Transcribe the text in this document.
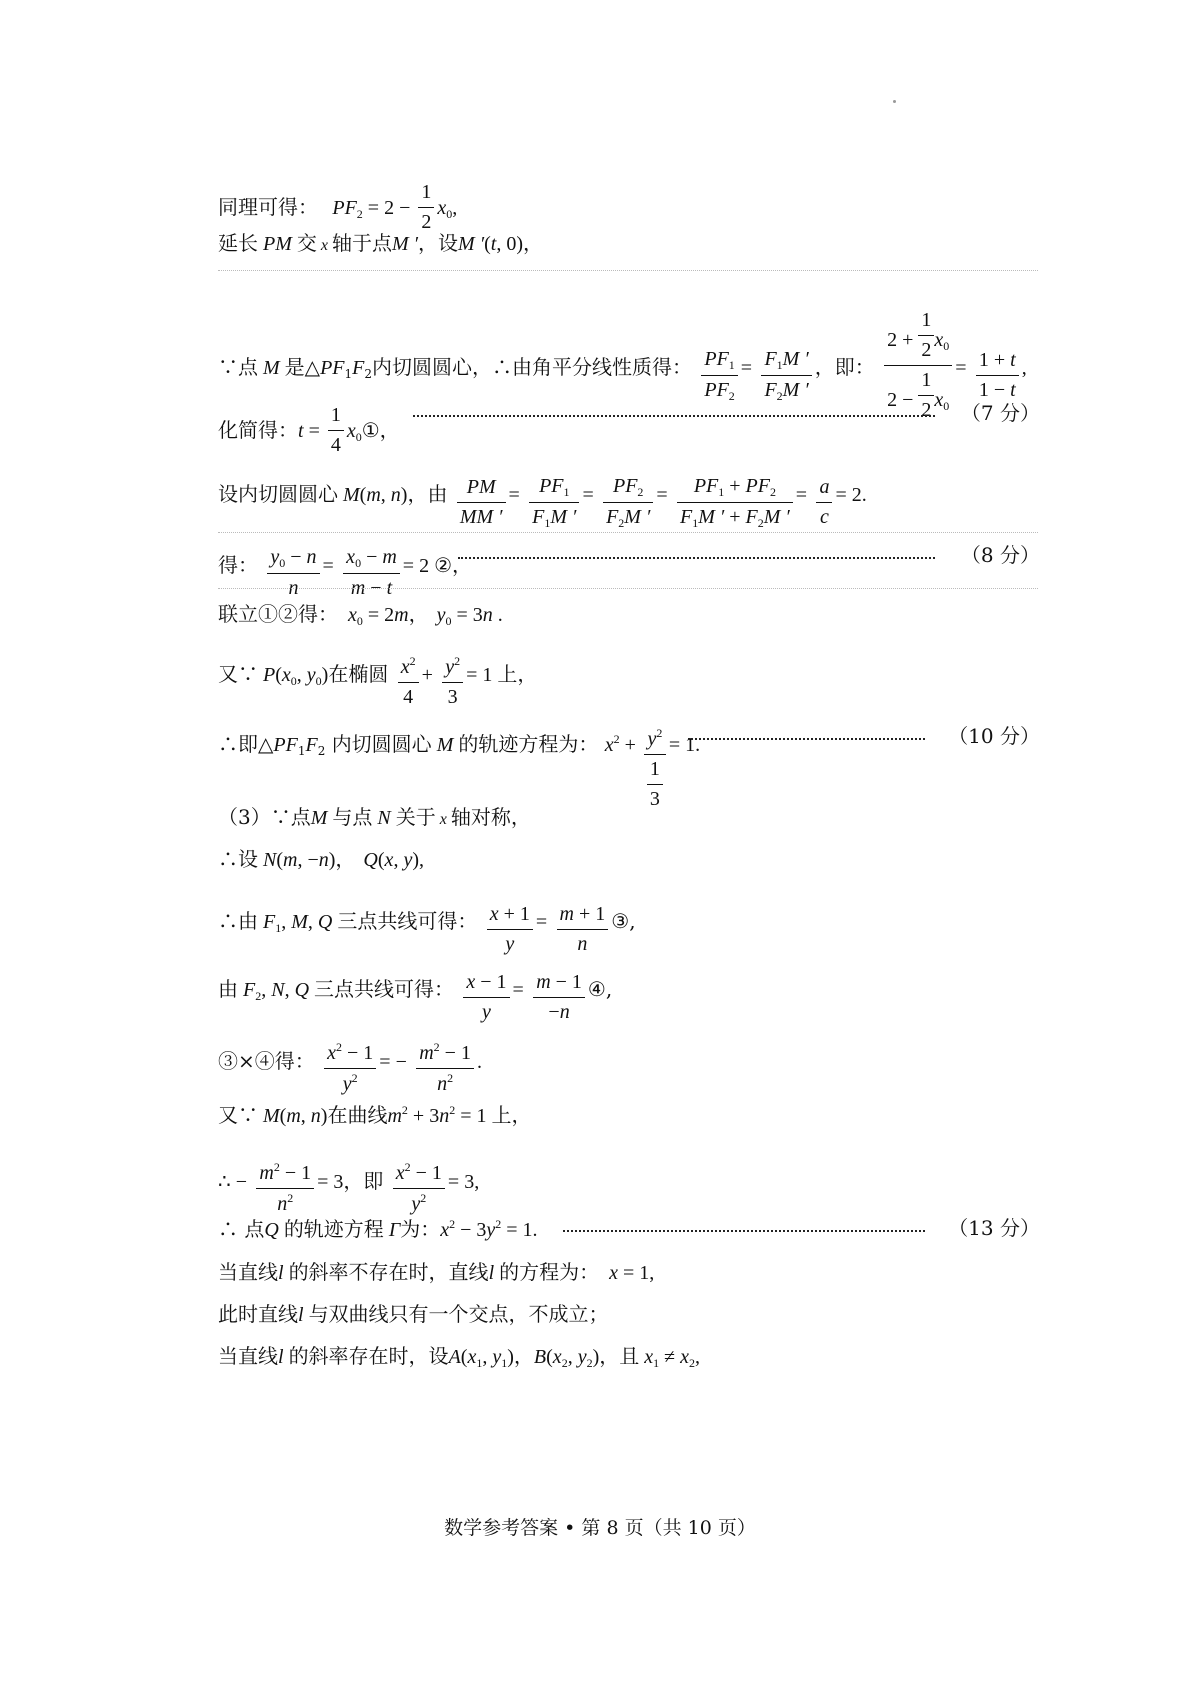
同理可得： $PF_2 = 2 - \frac{1}{2} x_0$,
延长 PM 交 x 轴于点M ′，设M ′(t, 0)，
∵点 M 是$\triangle PF_1F_2$内切圆圆心，∴由角平分线性质得： $\frac{PF_1}{PF_2} = \frac{F_1M '}{F_2M '}$ ，即： $\frac{2 + \frac{1}{2} x_0}{2 - \frac{1}{2} x_0} = \frac{1 + t}{1 - t}$ ,
化简得：$t = \frac{1}{4}$ $x_0①$，
（7 分）
设内切圆圆心 M(m, n)，由 $\frac{PM}{MM '} = \frac{PF_1}{F_1M '} = \frac{PF_2}{F_2M '} = \frac{PF_1 + PF_2}{F_1M ' + F_2M '} = \frac{a}{c} = 2$.
得： $\frac{y_0 - n}{n} = \frac{x_0 - m}{m - t} = 2$ ②，	（8 分）
联立①②得： $x_0 = 2m$， $y_0 = 3n$ .
又∵ $P(x_0$, $y_0$)在椭圆 $\frac{x^2}{4} + \frac{y^2}{3} = 1$ 上，
∴即$\triangle PF_1F_2$ 内切圆圆心 M 的轨迹方程为： $x^2 + \frac{y^2}{\frac{1}{3}} = 1$.	（10 分）
（3）∵点M 与点 N 关于 x 轴对称，
∴设 N(m, −n)， Q(x, y),
∴由 $F_1$, M, Q 三点共线可得： $\frac{x + 1}{y} = \frac{m + 1}{n}$ ③,
由 $F_2$, N, Q 三点共线可得： $\frac{x - 1}{y} = \frac{m - 1}{-n}$ ④,
③×④得： $\frac{x^2 - 1}{y^2}$ = − $\frac{m^2 - 1}{n^2}$ .
又∵ M(m, n)在曲线$m^2 + 3n^2 = 1$ 上，
∴ − $\frac{m^2 - 1}{n^2} = 3$，即 $\frac{x^2 - 1}{y^2} = 3$,
∴ 点Q 的轨迹方程 Γ为：$x^2 - 3y^2 = 1$.	（13 分）
当直线l 的斜率不存在时，直线l 的方程为： x = 1,
此时直线l 与双曲线只有一个交点，不成立；
当直线l 的斜率存在时，设$A(x_1$, $y_1$)，$B(x_2$, $y_2$)，且 $x_1 \ne x_2$,
数学参考答案 • 第 8 页（共 10 页）
